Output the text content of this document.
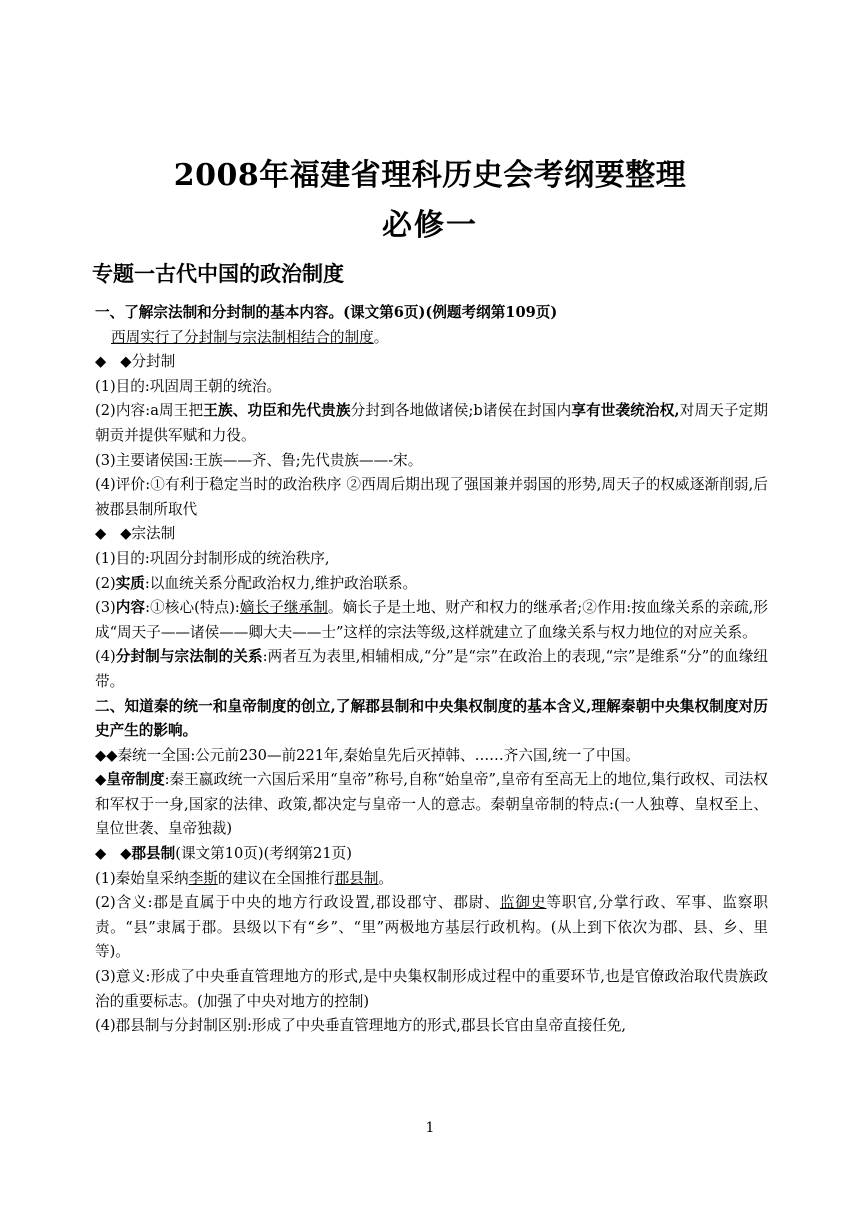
2008年福建省理科历史会考纲要整理
必修一
专题一古代中国的政治制度

一、了解宗法制和分封制的基本内容。(课文第6页)(例题考纲第109页)

西周实行了分封制与宗法制相结合的制度。

◆ ◆分封制

(1)目的:巩固周王朝的统治。

(2)内容:a周王把王族、功臣和先代贵族分封到各地做诸侯;b诸侯在封国内享有世袭统治权,对周天子定期朝贡并提供军赋和力役。

(3)主要诸侯国:王族——齐、鲁;先代贵族——-宋。

(4)评价:①有利于稳定当时的政治秩序 ②西周后期出现了强国兼并弱国的形势,周天子的权威逐渐削弱,后被郡县制所取代

◆ ◆宗法制

(1)目的:巩固分封制形成的统治秩序,

(2)实质:以血统关系分配政治权力,维护政治联系。

(3)内容:①核心(特点):嫡长子继承制。嫡长子是土地、财产和权力的继承者;②作用:按血缘关系的亲疏,形成“周天子——诸侯——卿大夫——士”这样的宗法等级,这样就建立了血缘关系与权力地位的对应关系。

(4)分封制与宗法制的关系:两者互为表里,相辅相成,“分”是“宗”在政治上的表现,“宗”是维系“分”的血缘纽带。

二、知道秦的统一和皇帝制度的创立,了解郡县制和中央集权制度的基本含义,理解秦朝中央集权制度对历史产生的影响。

◆◆秦统一全国:公元前230—前221年,秦始皇先后灭掉韩、……齐六国,统一了中国。

◆皇帝制度:秦王嬴政统一六国后采用“皇帝”称号,自称“始皇帝”,皇帝有至高无上的地位,集行政权、司法权和军权于一身,国家的法律、政策,都决定与皇帝一人的意志。秦朝皇帝制的特点:(一人独尊、皇权至上、皇位世袭、皇帝独裁)

◆ ◆郡县制(课文第10页)(考纲第21页)

(1)秦始皇采纳李斯的建议在全国推行郡县制。

(2)含义:郡是直属于中央的地方行政设置,郡设郡守、郡尉、监御史等职官,分掌行政、军事、监察职责。“县”隶属于郡。县级以下有“乡”、“里”两极地方基层行政机构。(从上到下依次为郡、县、乡、里等)。

(3)意义:形成了中央垂直管理地方的形式,是中央集权制形成过程中的重要环节,也是官僚政治取代贵族政治的重要标志。(加强了中央对地方的控制)

(4)郡县制与分封制区别:形成了中央垂直管理地方的形式,郡县长官由皇帝直接任免,

1
